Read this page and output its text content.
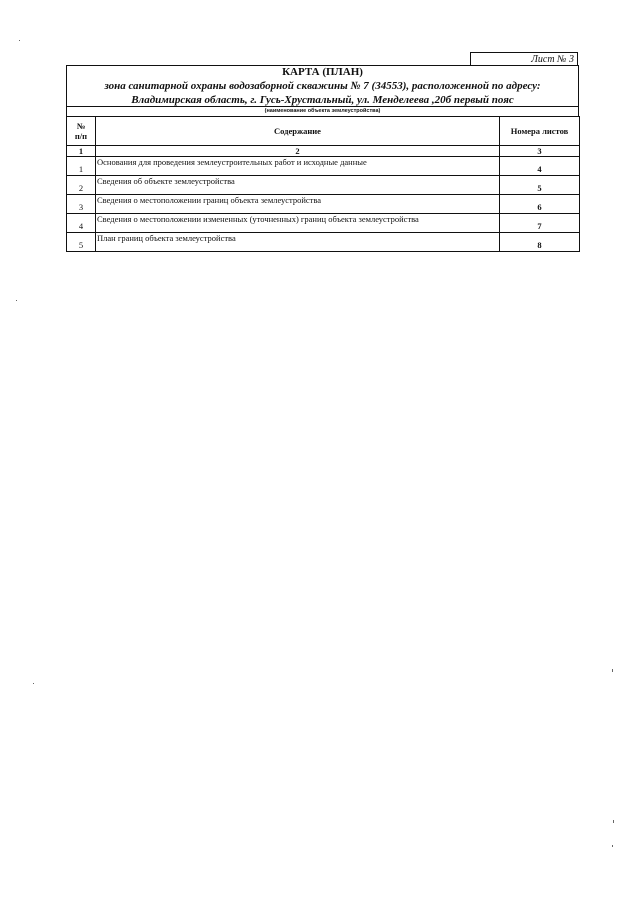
Лист № 3
КАРТА (ПЛАН)
зона санитарной охраны водозаборной скважины № 7 (34553), расположенной по адресу:
Владимирская область, г. Гусь-Хрустальный, ул. Менделеева ,20б первый пояс
(наименование объекта землеустройства)
№
п/п	Содержание	Номера листов
1	2	3
1	Основания для проведения землеустроительных работ и исходные данные	4
2	Сведения об объекте землеустройства	5
3	Сведения о местоположении границ объекта землеустройства	6
4	Сведения о местоположении измененных (уточненных) границ объекта землеустройства	7
5	План границ объекта землеустройства	8
